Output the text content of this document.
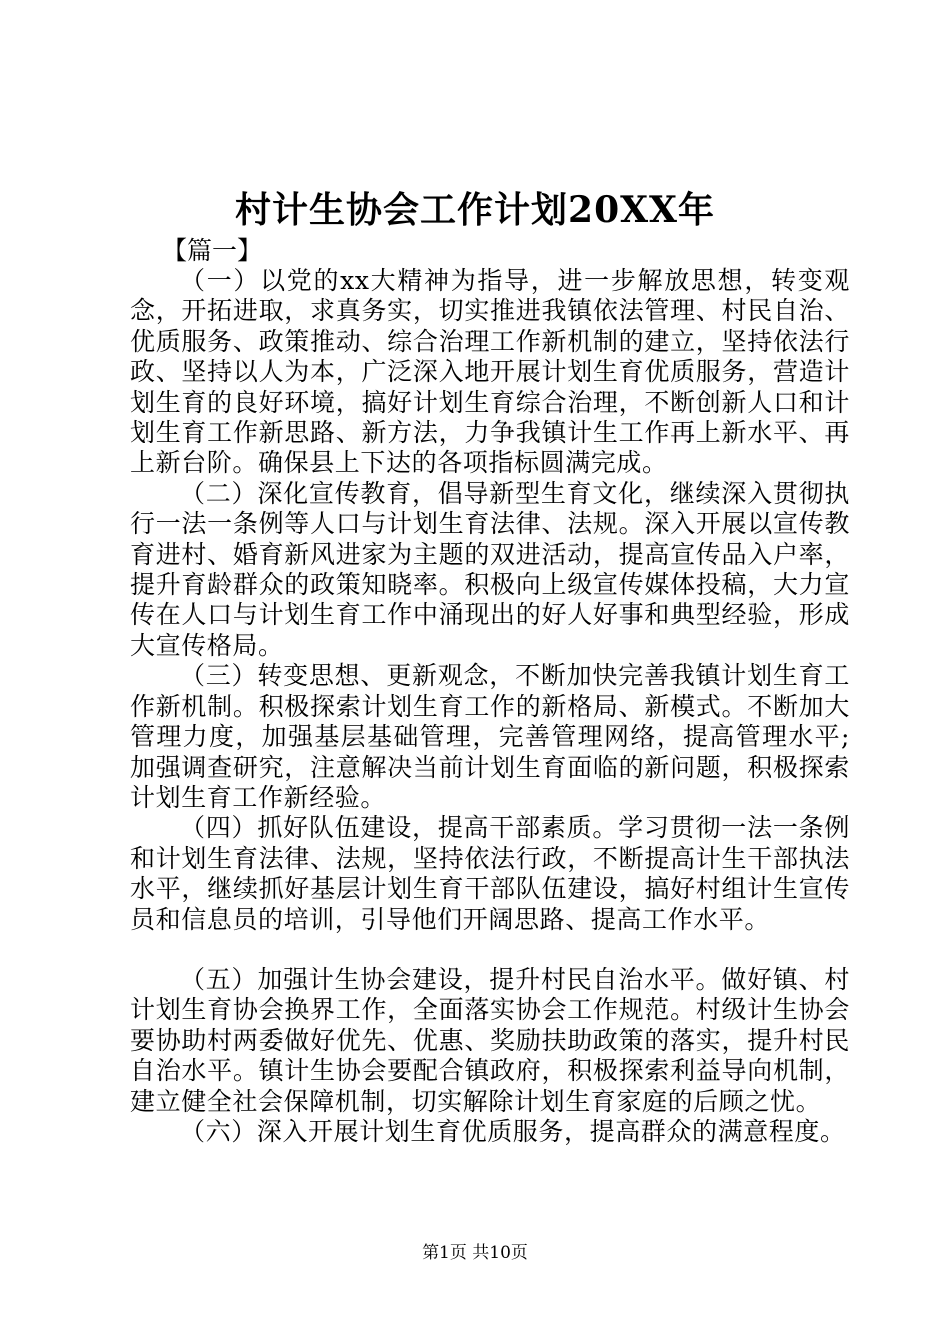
村计生协会工作计划20XX年
【篇一】

（一）以党的xx大精神为指导，进一步解放思想，转变观念，开拓进取，求真务实，切实推进我镇依法管理、村民自治、优质服务、政策推动、综合治理工作新机制的建立，坚持依法行政、坚持以人为本，广泛深入地开展计划生育优质服务，营造计划生育的良好环境，搞好计划生育综合治理，不断创新人口和计划生育工作新思路、新方法，力争我镇计生工作再上新水平、再上新台阶。确保县上下达的各项指标圆满完成。

（二）深化宣传教育，倡导新型生育文化，继续深入贯彻执行一法一条例等人口与计划生育法律、法规。深入开展以宣传教育进村、婚育新风进家为主题的双进活动，提高宣传品入户率，提升育龄群众的政策知晓率。积极向上级宣传媒体投稿，大力宣传在人口与计划生育工作中涌现出的好人好事和典型经验，形成大宣传格局。

（三）转变思想、更新观念，不断加快完善我镇计划生育工作新机制。积极探索计划生育工作的新格局、新模式。不断加大管理力度，加强基层基础管理，完善管理网络，提高管理水平;加强调查研究，注意解决当前计划生育面临的新问题，积极探索计划生育工作新经验。

（四）抓好队伍建设，提高干部素质。学习贯彻一法一条例和计划生育法律、法规，坚持依法行政，不断提高计生干部执法水平，继续抓好基层计划生育干部队伍建设，搞好村组计生宣传员和信息员的培训，引导他们开阔思路、提高工作水平。

（五）加强计生协会建设，提升村民自治水平。做好镇、村计划生育协会换界工作，全面落实协会工作规范。村级计生协会要协助村两委做好优先、优惠、奖励扶助政策的落实，提升村民自治水平。镇计生协会要配合镇政府，积极探索利益导向机制，建立健全社会保障机制，切实解除计划生育家庭的后顾之忧。

（六）深入开展计划生育优质服务，提高群众的满意程度。

第1页 共10页
